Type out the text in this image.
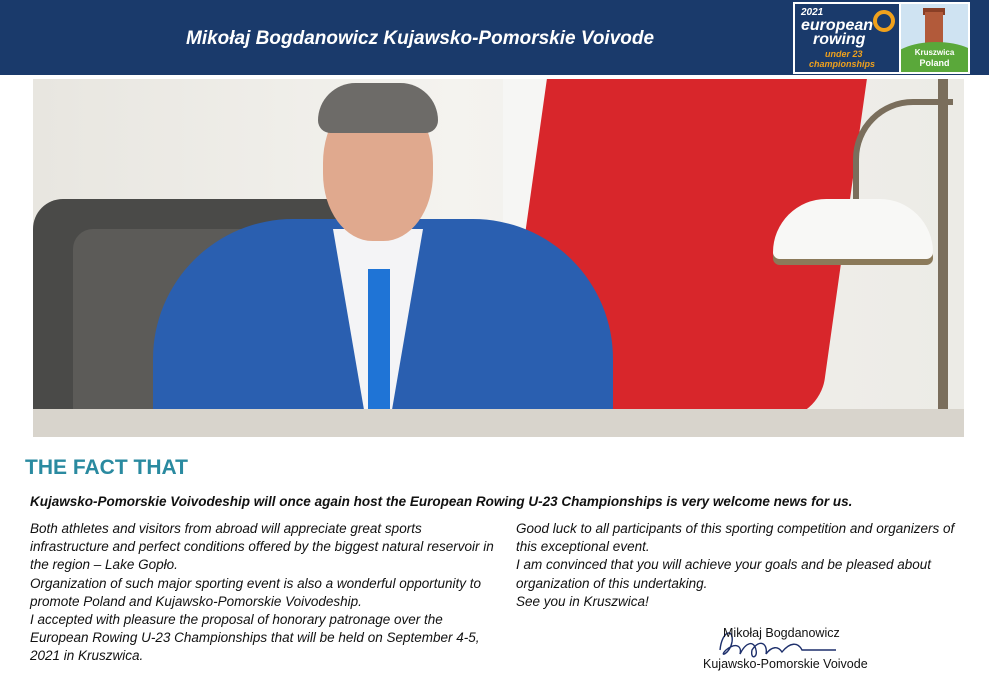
Mikołaj Bogdanowicz Kujawsko-Pomorskie Voivode
2021
european
rowing
under 23
championships
Kruszwica
Poland
THE FACT THAT

Kujawsko-Pomorskie Voivodeship will once again host the European Rowing U-23 Championships is very welcome news for us.

Both athletes and visitors from abroad will appreciate great sports infrastructure and perfect conditions offered by the biggest natural reservoir in the region – Lake Gopło.

Organization of such major sporting event is also a wonderful opportunity to promote Poland and Kujawsko-Pomorskie Voivodeship.

I accepted with pleasure the proposal of honorary patronage over the European Rowing U-23 Championships that will be held on September 4-5, 2021 in Kruszwica.

Good luck to all participants of this sporting competition and organizers of this exceptional event.

I am convinced that you will achieve your goals and be pleased about organization of this undertaking.

See you in Kruszwica!

Mikołaj Bogdanowicz
Kujawsko-Pomorskie Voivode
